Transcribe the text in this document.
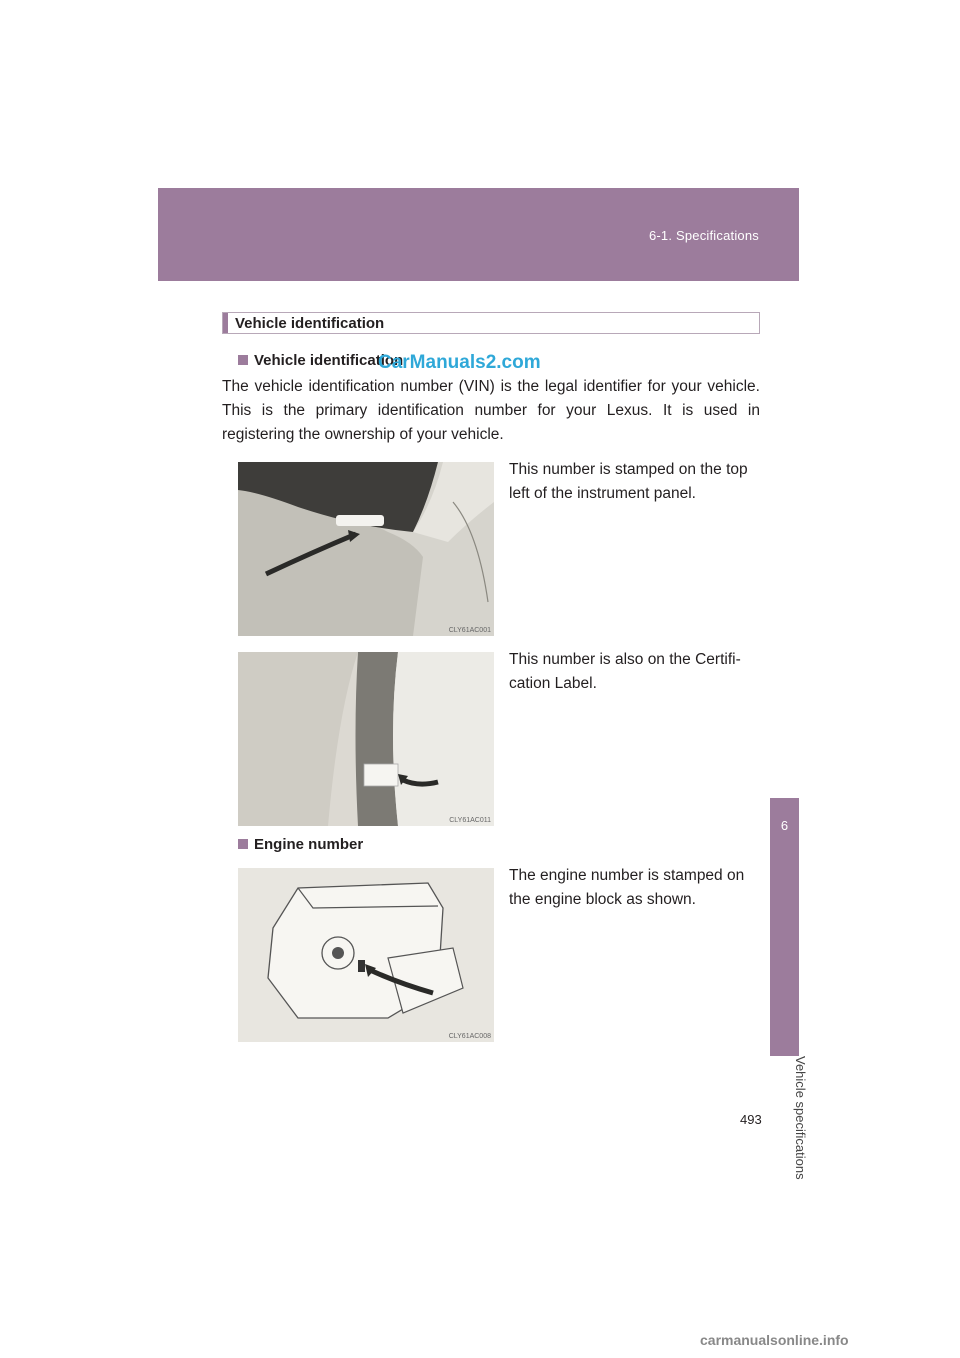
6-1. Specifications
6
Vehicle specifications
Vehicle identification
Vehicle identification
CarManuals2.com
The vehicle identification number (VIN) is the legal identifier for your vehicle. This is the primary identification number for your Lexus. It is used in registering the ownership of your vehicle.
CLY61AC001
This number is stamped on the top left of the instrument panel.
CLY61AC011
This number is also on the Certifi-cation Label.
Engine number
CLY61AC008
The engine number is stamped on the engine block as shown.
493
carmanualsonline.info
